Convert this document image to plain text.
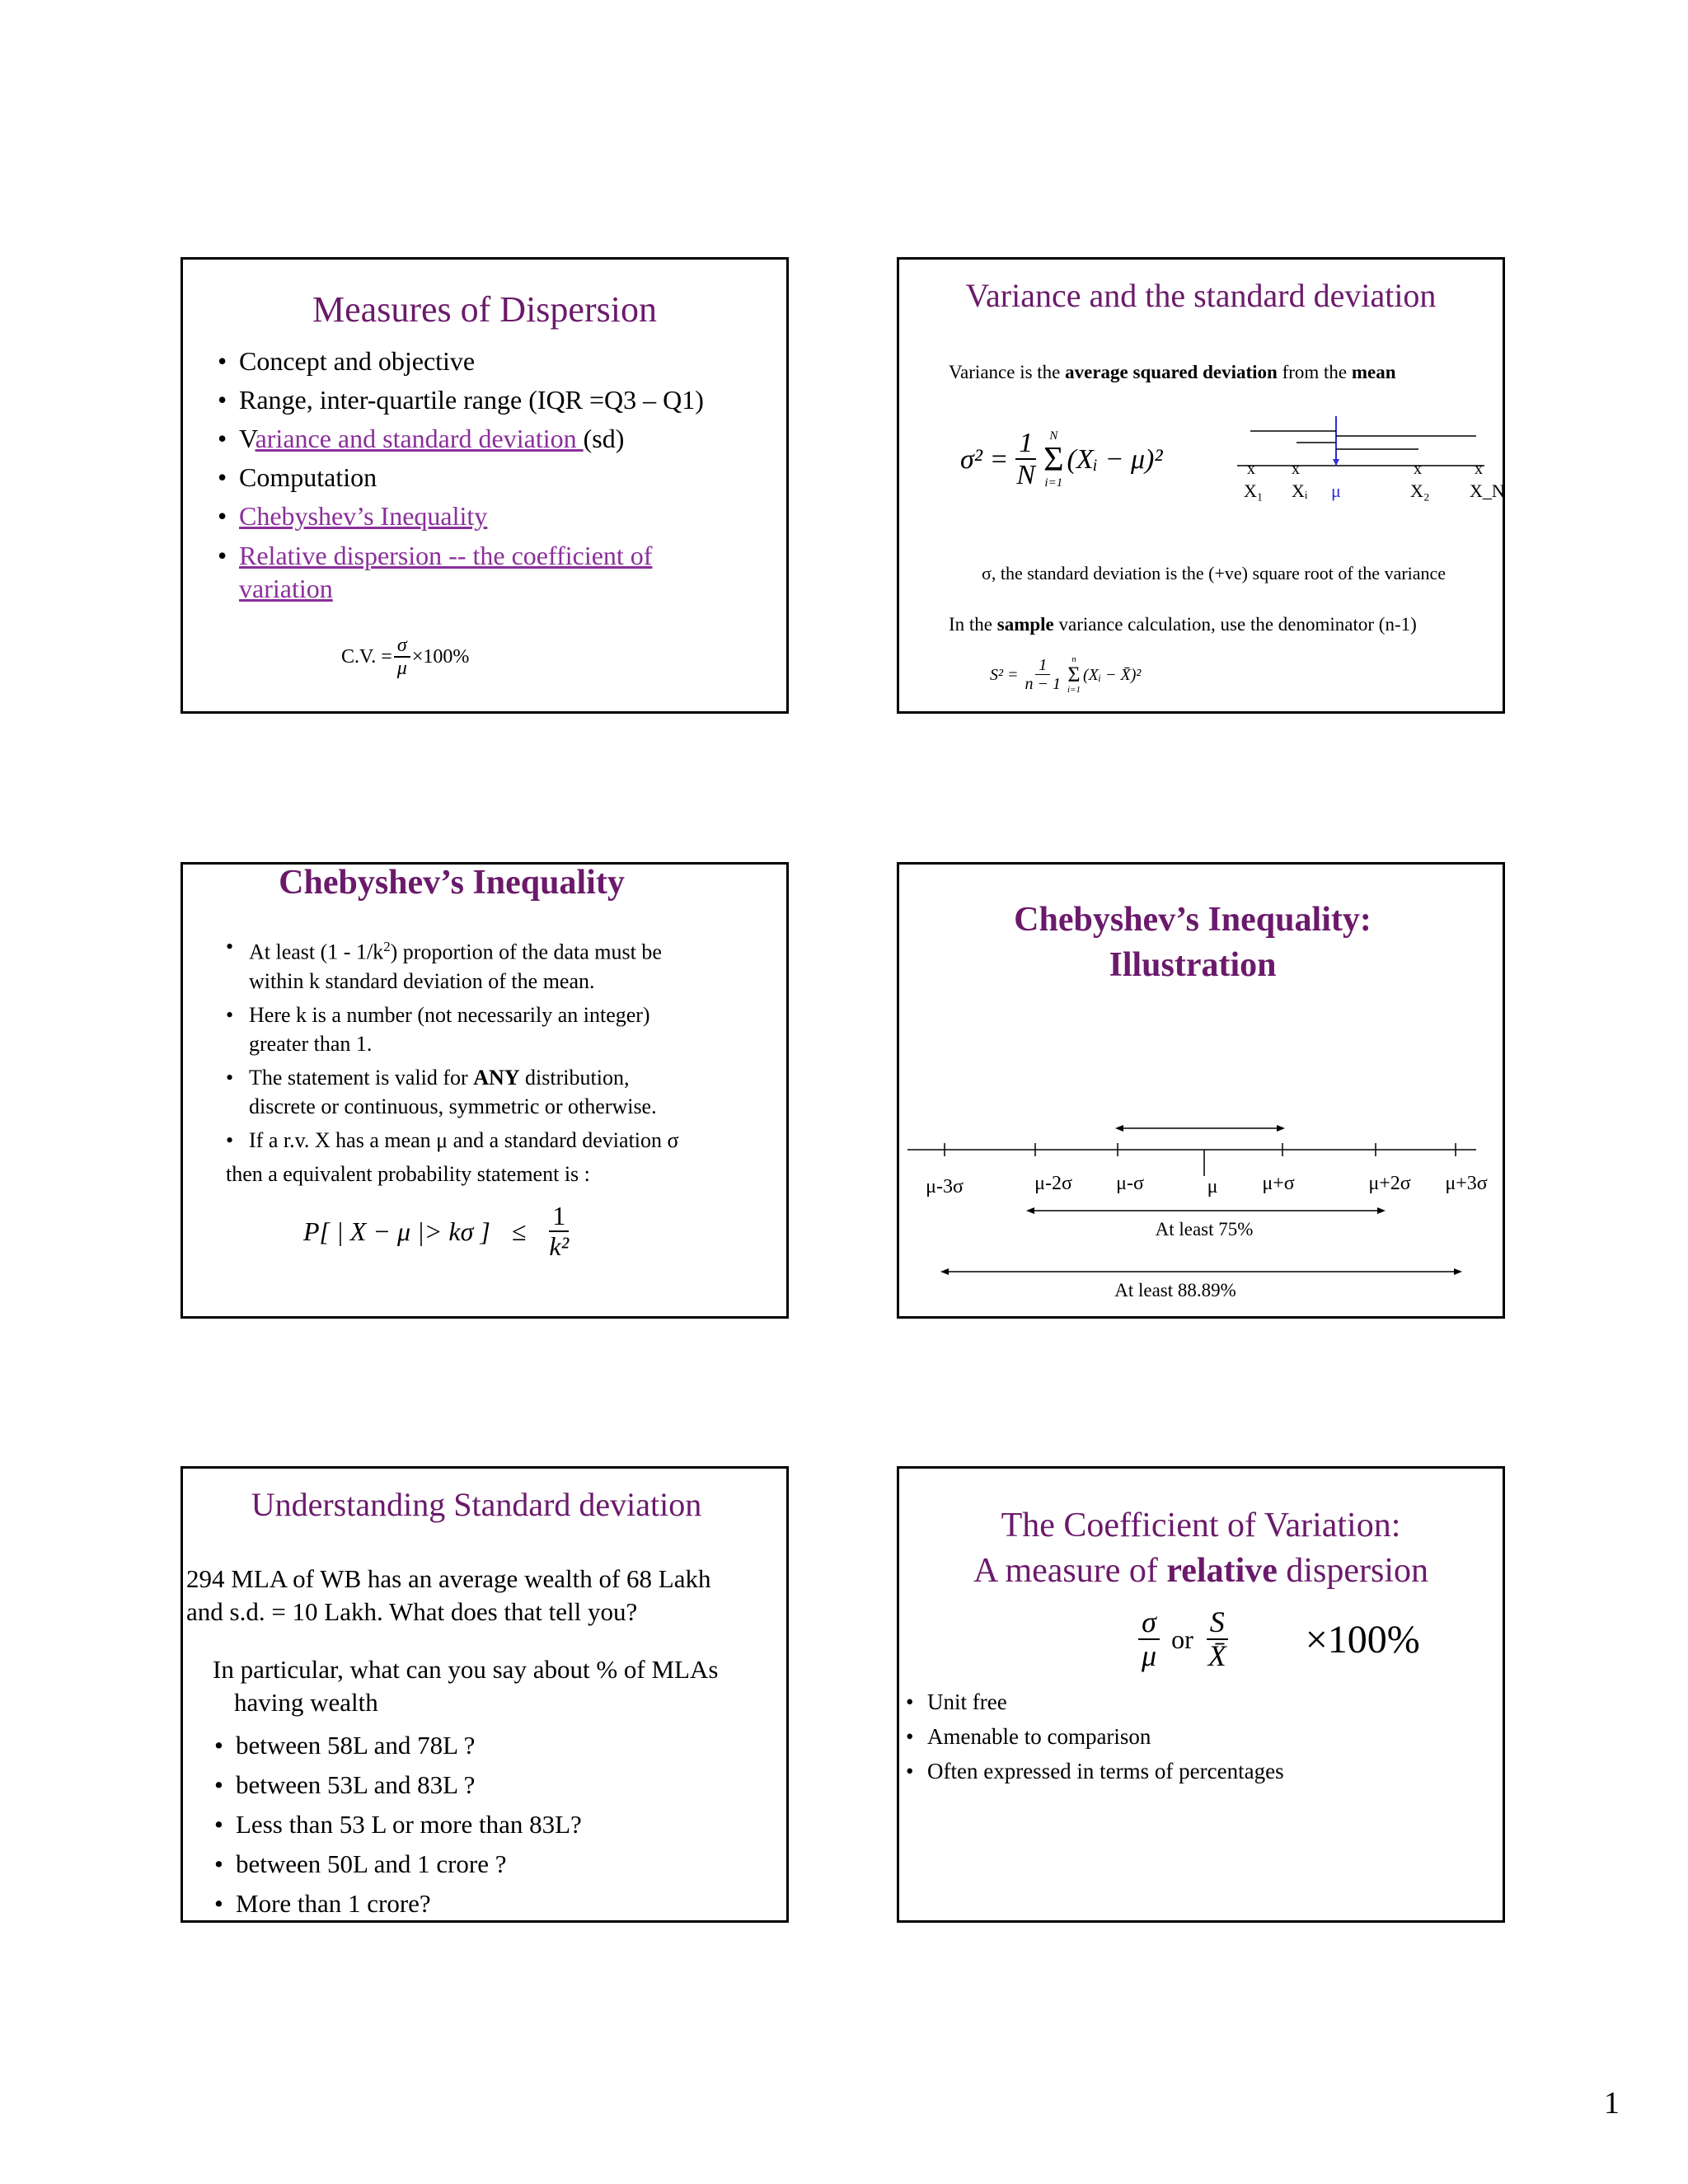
Measures of Dispersion
• Concept and objective
• Range, inter-quartile range (IQR =Q3 – Q1)
• Variance and standard deviation (sd)
• Computation
• Chebyshev’s Inequality
• Relative dispersion -- the coefficient of
variation
C.V. = $\frac{\sigma}{\mu} \times 100\%$
Variance and the standard deviation
Variance is the average squared deviation from the mean
$\sigma^2 = \frac{1}{N}$ N
Σ
i=1
(Xᵢ − μ)²	x x	x	x
X₁ Xᵢ μ	X₂ X_N
σ, the standard deviation is the (+ve) square root of the variance
In the sample variance calculation, use the denominator (n-1)
$S^2 = \frac{1}{n - 1}$ n
Σ
i=1
(Xᵢ − X̄)²
Chebyshev’s Inequality
• At least $(1 - 1/k^2)$ proportion of the data must be
within k standard deviation of the mean.
• Here k is a number (not necessarily an integer)
greater than 1.
• The statement is valid for ANY distribution,
discrete or continuous, symmetric or otherwise.
• If a r.v. X has a mean μ and a standard deviation σ
then a equivalent probability statement is :
P[ | X − μ |> kσ ] ≤ $\frac{1}{\text{k²}}$
Chebyshev’s Inequality:
Illustration
μ-3σ	μ-2σ μ-σ	μ μ+σ	μ+2σ μ+3σ
At least 75%
At least 88.89%
Understanding Standard deviation
294 MLA of WB has an average wealth of 68 Lakh
and s.d. = 10 Lakh. What does that tell you?
In particular, what can you say about % of MLAs
having wealth
• between 58L and 78L ?
• between 53L and 83L ?
• Less than 53 L or more than 83L?
• between 50L and 1 crore ?
• More than 1 crore?
The Coefficient of Variation:
A measure of relative dispersion
$\frac{\sigma}{\mu}$ or $\frac{S}{X̄} \times 100\%$
• Unit free
• Amenable to comparison
• Often expressed in terms of percentages
1
